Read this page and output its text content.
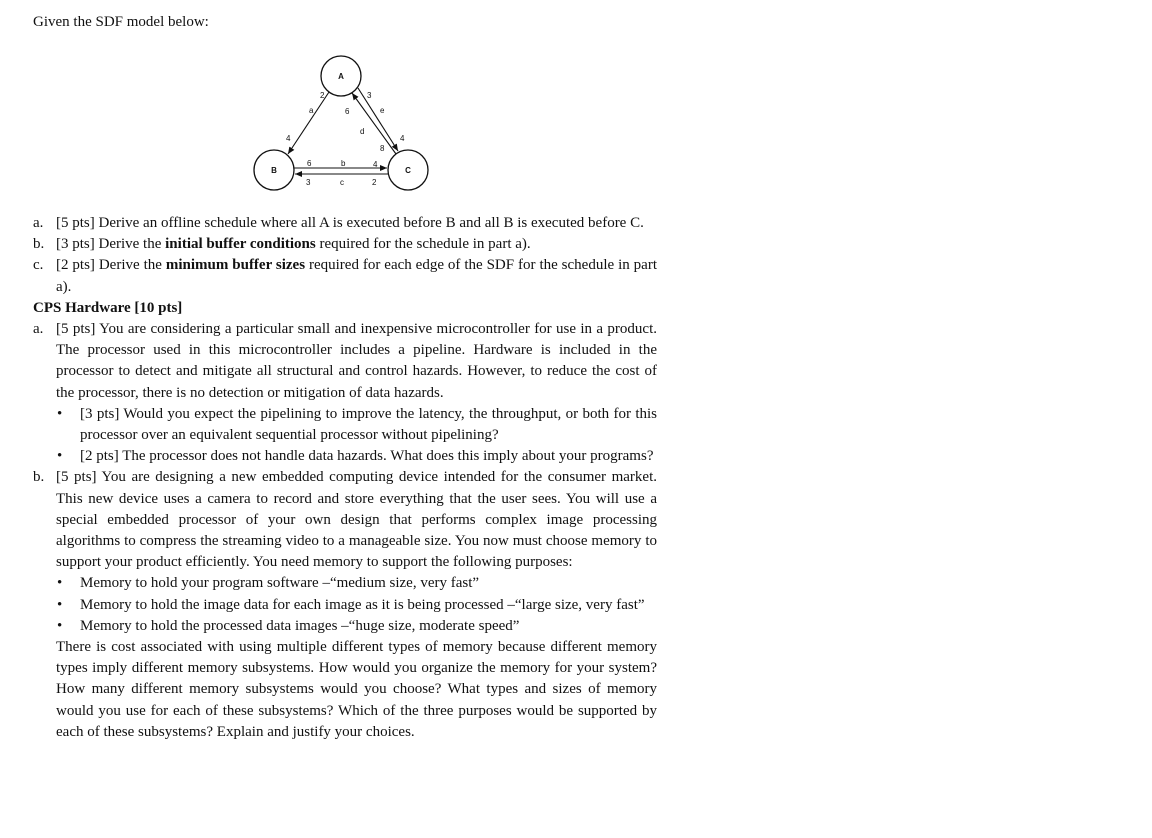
Given the SDF model below:
A
B	C
a
b
c
d
e
2
4
6	4
3	2
6
8
3
4
a. [5 pts] Derive an offline schedule where all A is executed before B and all B is executed before C.
b. [3 pts] Derive the initial buffer conditions required for the schedule in part a).
c. [2 pts] Derive the minimum buffer sizes required for each edge of the SDF for the schedule in part a).
CPS Hardware [10 pts]
a. [5 pts] You are considering a particular small and inexpensive microcontroller for use in a product. The processor used in this microcontroller includes a pipeline. Hardware is included in the processor to detect and mitigate all structural and control hazards. However, to reduce the cost of the processor, there is no detection or mitigation of data hazards.
• [3 pts] Would you expect the pipelining to improve the latency, the throughput, or both for this processor over an equivalent sequential processor without pipelining?
• [2 pts] The processor does not handle data hazards. What does this imply about your programs?
b. [5 pts] You are designing a new embedded computing device intended for the consumer market. This new device uses a camera to record and store everything that the user sees. You will use a special embedded processor of your own design that performs complex image processing algorithms to compress the streaming video to a manageable size. You now must choose memory to support your product efficiently. You need memory to support the following purposes:
• Memory to hold your program software –“medium size, very fast”
• Memory to hold the image data for each image as it is being processed –“large size, very fast”
• Memory to hold the processed data images –“huge size, moderate speed”
There is cost associated with using multiple different types of memory because different memory types imply different memory subsystems. How would you organize the memory for your system? How many different memory subsystems would you choose? What types and sizes of memory would you use for each of these subsystems? Which of the three purposes would be supported by each of these subsystems? Explain and justify your choices.
